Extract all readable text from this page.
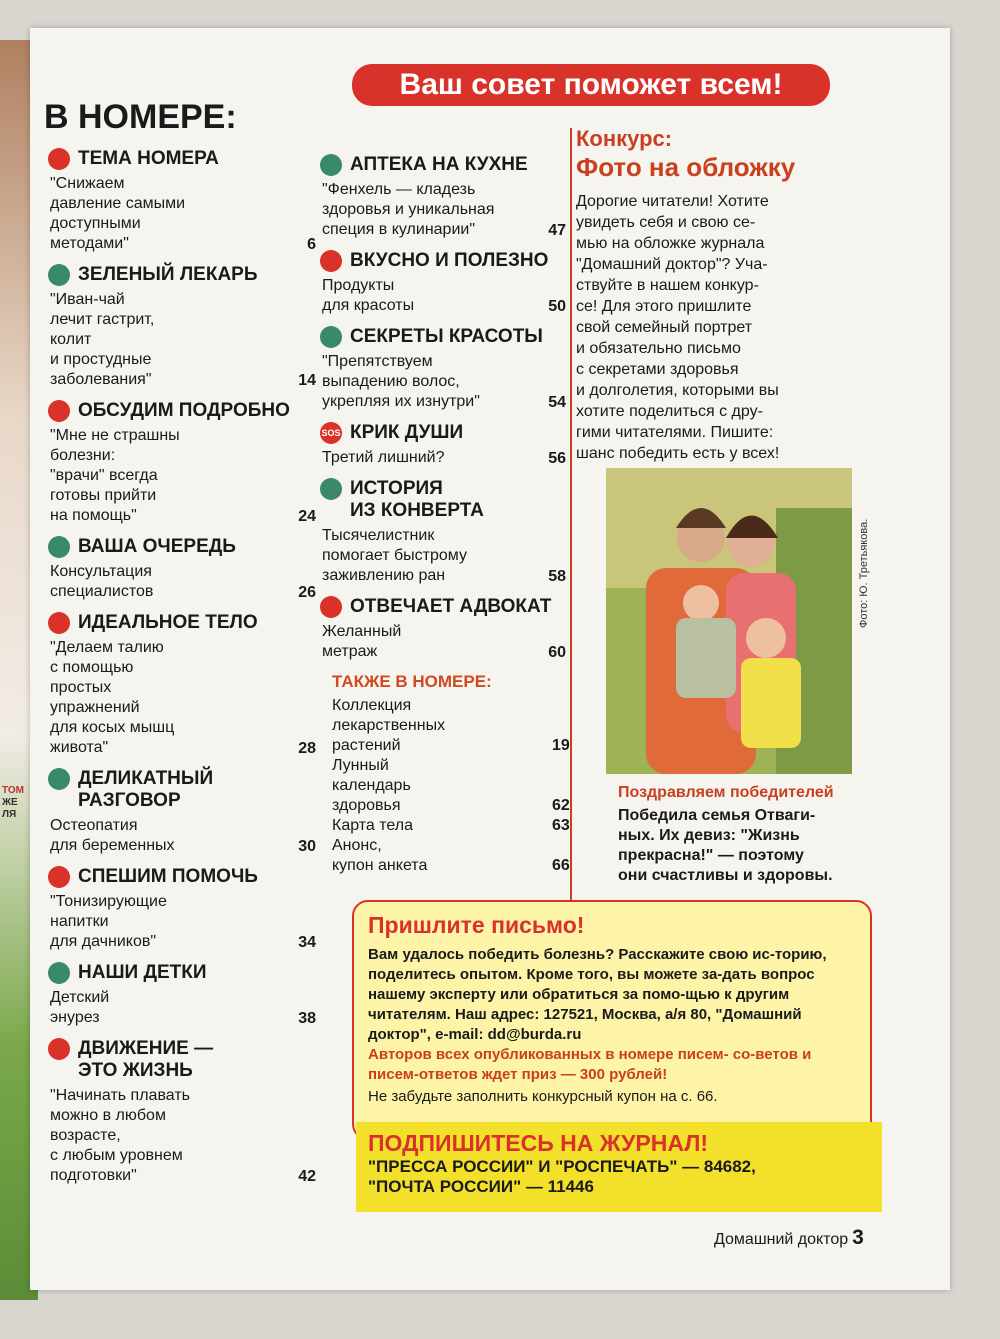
ТОМ
ЖЕ
ЛЯ
Ваш совет поможет всем!
В НОМЕРЕ:
ТЕМА НОМЕРА
"Снижаем
давление самыми
доступными
методами"	6
ЗЕЛЕНЫЙ ЛЕКАРЬ
"Иван-чай
лечит гастрит,
колит
и простудные
заболевания"	14
ОБСУДИМ ПОДРОБНО
"Мне не страшны
болезни:
"врачи" всегда
готовы прийти
на помощь"	24
ВАША ОЧЕРЕДЬ
Консультация
специалистов	26
ИДЕАЛЬНОЕ ТЕЛО
"Делаем талию
с помощью
простых
упражнений
для косых мышц
живота"	28
ДЕЛИКАТНЫЙ
РАЗГОВОР
Остеопатия
для беременных	30
СПЕШИМ ПОМОЧЬ
"Тонизирующие
напитки
для дачников"	34
НАШИ ДЕТКИ
Детский
энурез	38
ДВИЖЕНИЕ —
ЭТО ЖИЗНЬ
"Начинать плавать
можно в любом
возрасте,
с любым уровнем
подготовки"	42
АПТЕКА НА КУХНЕ
"Фенхель — кладезь
здоровья и уникальная
специя в кулинарии"	47
ВКУСНО И ПОЛЕЗНО
Продукты
для красоты	50
СЕКРЕТЫ КРАСОТЫ
"Препятствуем
выпадению волос,
укрепляя их изнутри"	54
SOS КРИК ДУШИ
Третий лишний?	56
ИСТОРИЯ
ИЗ КОНВЕРТА
Тысячелистник
помогает быстрому
заживлению ран	58
ОТВЕЧАЕТ АДВОКАТ
Желанный
метраж	60
ТАКЖЕ В НОМЕРЕ:
Коллекция
лекарственных
растений	19
Лунный
календарь
здоровья	62
Карта тела	63
Анонс,
купон анкета	66
Конкурс:
Фото на обложку
Дорогие читатели! Хотите
увидеть себя и свою се-
мью на обложке журнала
"Домашний доктор"? Уча-
ствуйте в нашем конкур-
се! Для этого пришлите
свой семейный портрет
и обязательно письмо
с секретами здоровья
и долголетия, которыми вы
хотите поделиться с дру-
гими читателями. Пишите:
шанс победить есть у всех!
Фото: Ю. Третьякова.
Поздравляем победителей
Победила семья Отваги-
ных. Их девиз: "Жизнь
прекрасна!" — поэтому
они счастливы и здоровы.
Пришлите письмо!
Вам удалось победить болезнь? Расскажите свою ис-торию, поделитесь опытом. Кроме того, вы можете за-дать вопрос нашему эксперту или обратиться за помо-щью к другим читателям. Наш адрес: 127521, Москва, а/я 80, "Домашний доктор", e-mail: dd@burda.ru
Авторов всех опубликованных в номере писем- со-ветов и писем-ответов ждет приз — 300 рублей!
Не забудьте заполнить конкурсный купон на с. 66.
ПОДПИШИТЕСЬ НА ЖУРНАЛ!
"ПРЕССА РОССИИ" И "РОСПЕЧАТЬ" — 84682,
"ПОЧТА РОССИИ" — 11446
Домашний доктор 3
